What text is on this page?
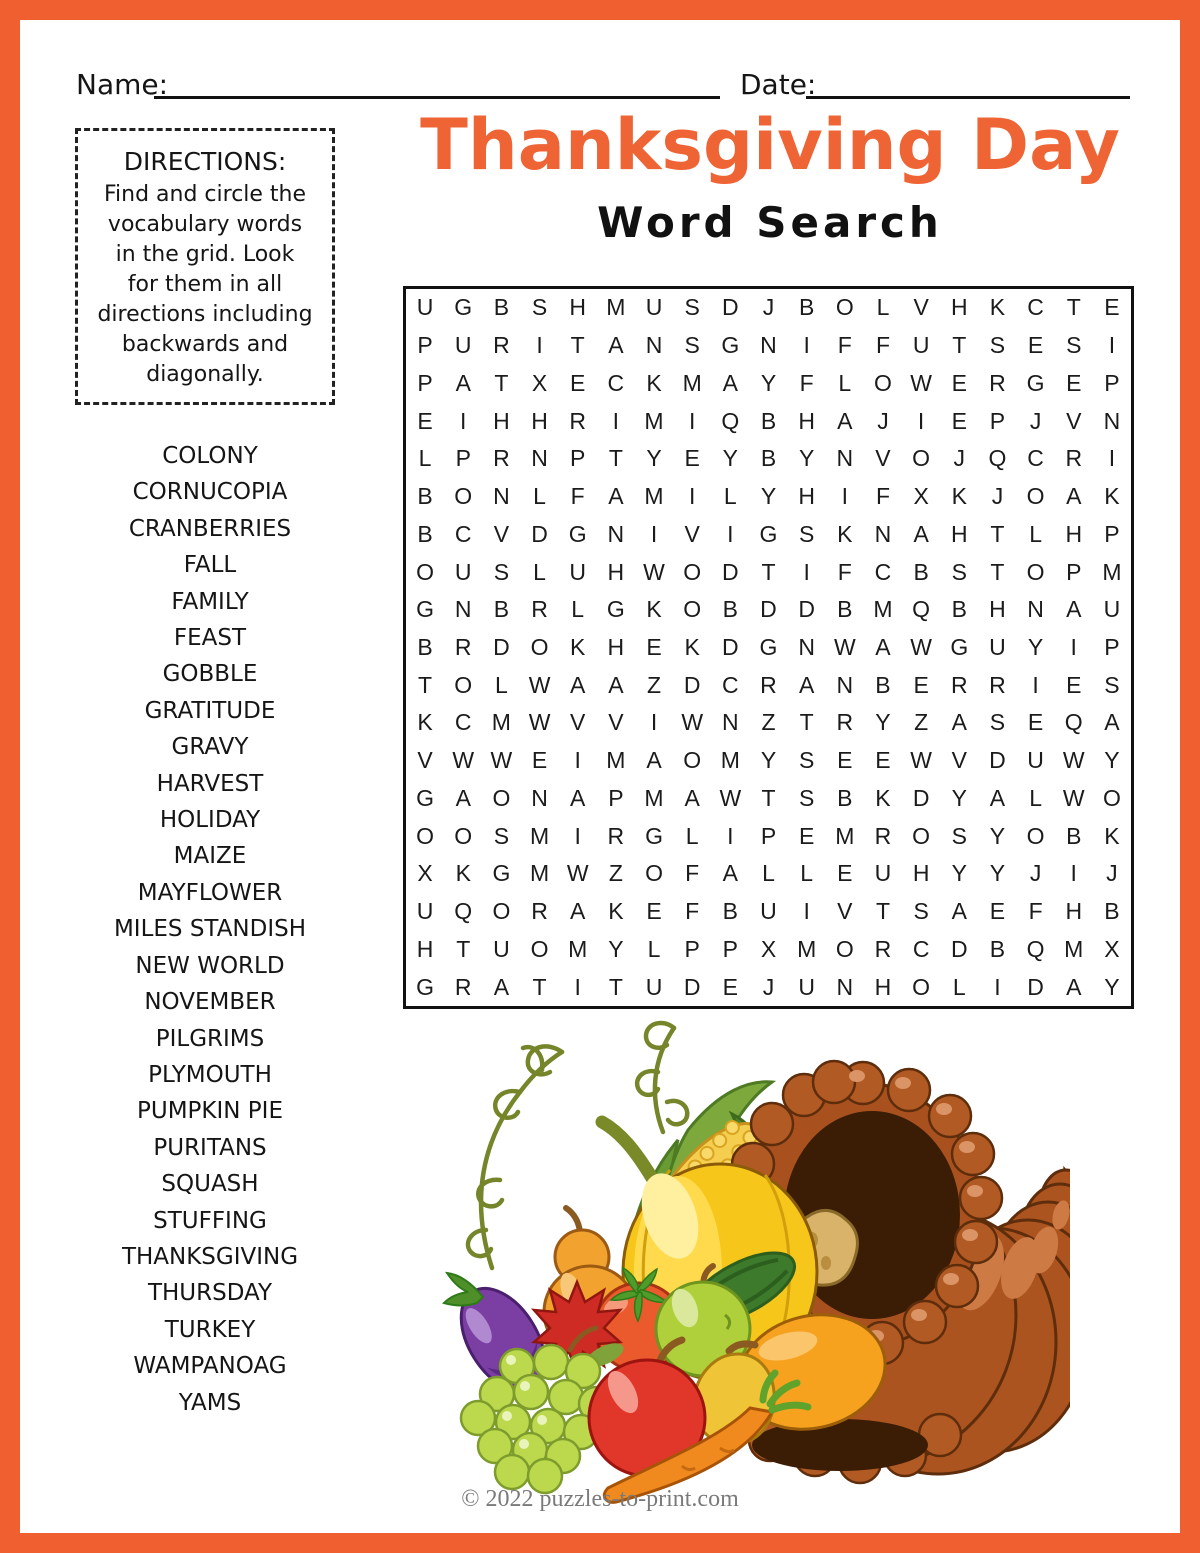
Name:	Date:
Thanksgiving Day
Word Search
DIRECTIONS:
Find and circle the
vocabulary words
in the grid. Look
for them in all
directions including
backwards and
diagonally.
COLONY
CORNUCOPIA
CRANBERRIES
FALL
FAMILY
FEAST
GOBBLE
GRATITUDE
GRAVY
HARVEST
HOLIDAY
MAIZE
MAYFLOWER
MILES STANDISH
NEW WORLD
NOVEMBER
PILGRIMS
PLYMOUTH
PUMPKIN PIE
PURITANS
SQUASH
STUFFING
THANKSGIVING
THURSDAY
TURKEY
WAMPANOAG
YAMS
U G B S H M U S D	J	B O L	V H K C T	E
P U R	I	T	A N S G N	I	F	F U T	S E S	I
P A	T	X E C K M A Y	F	L O W E R G E P
E	I	H H R	I	M	I	Q B H A	J	I	E P	J	V N
L	P R N P	T	Y E Y B Y N V O	J	Q C R	I
B O N	L	F	A M	I	L	Y H	I	F	X K	J	O A K
B C V D G N	I	V	I	G S K N A H T	L	H P
O U S	L	U H W O D T	I	F C B S	T O P M
G N B R	L G K O B D D B M Q B H N A U
B R D O K H E K D G N W A W G U Y	I	P
T O L W A A	Z D C R A N B E R R	I	E S
K C M W V V	I	W N Z	T R Y	Z	A S E Q A
V W W E	I	M A O M Y S E E W V D U W Y
G A O N A P M A W T	S B K D Y A	L W O
O O S M	I	R G L	I	P E M R O S Y O B K
X K G M W Z O F	A	L	L	E U H Y Y	J	I	J
U Q O R A K E	F	B U	I	V	T	S A E	F H B
H T U O M Y	L	P P X M O R C D B Q M X
G R A	T	I	T U D E	J	U N H O L	I	D A Y
© 2022 puzzles-to-print.com
